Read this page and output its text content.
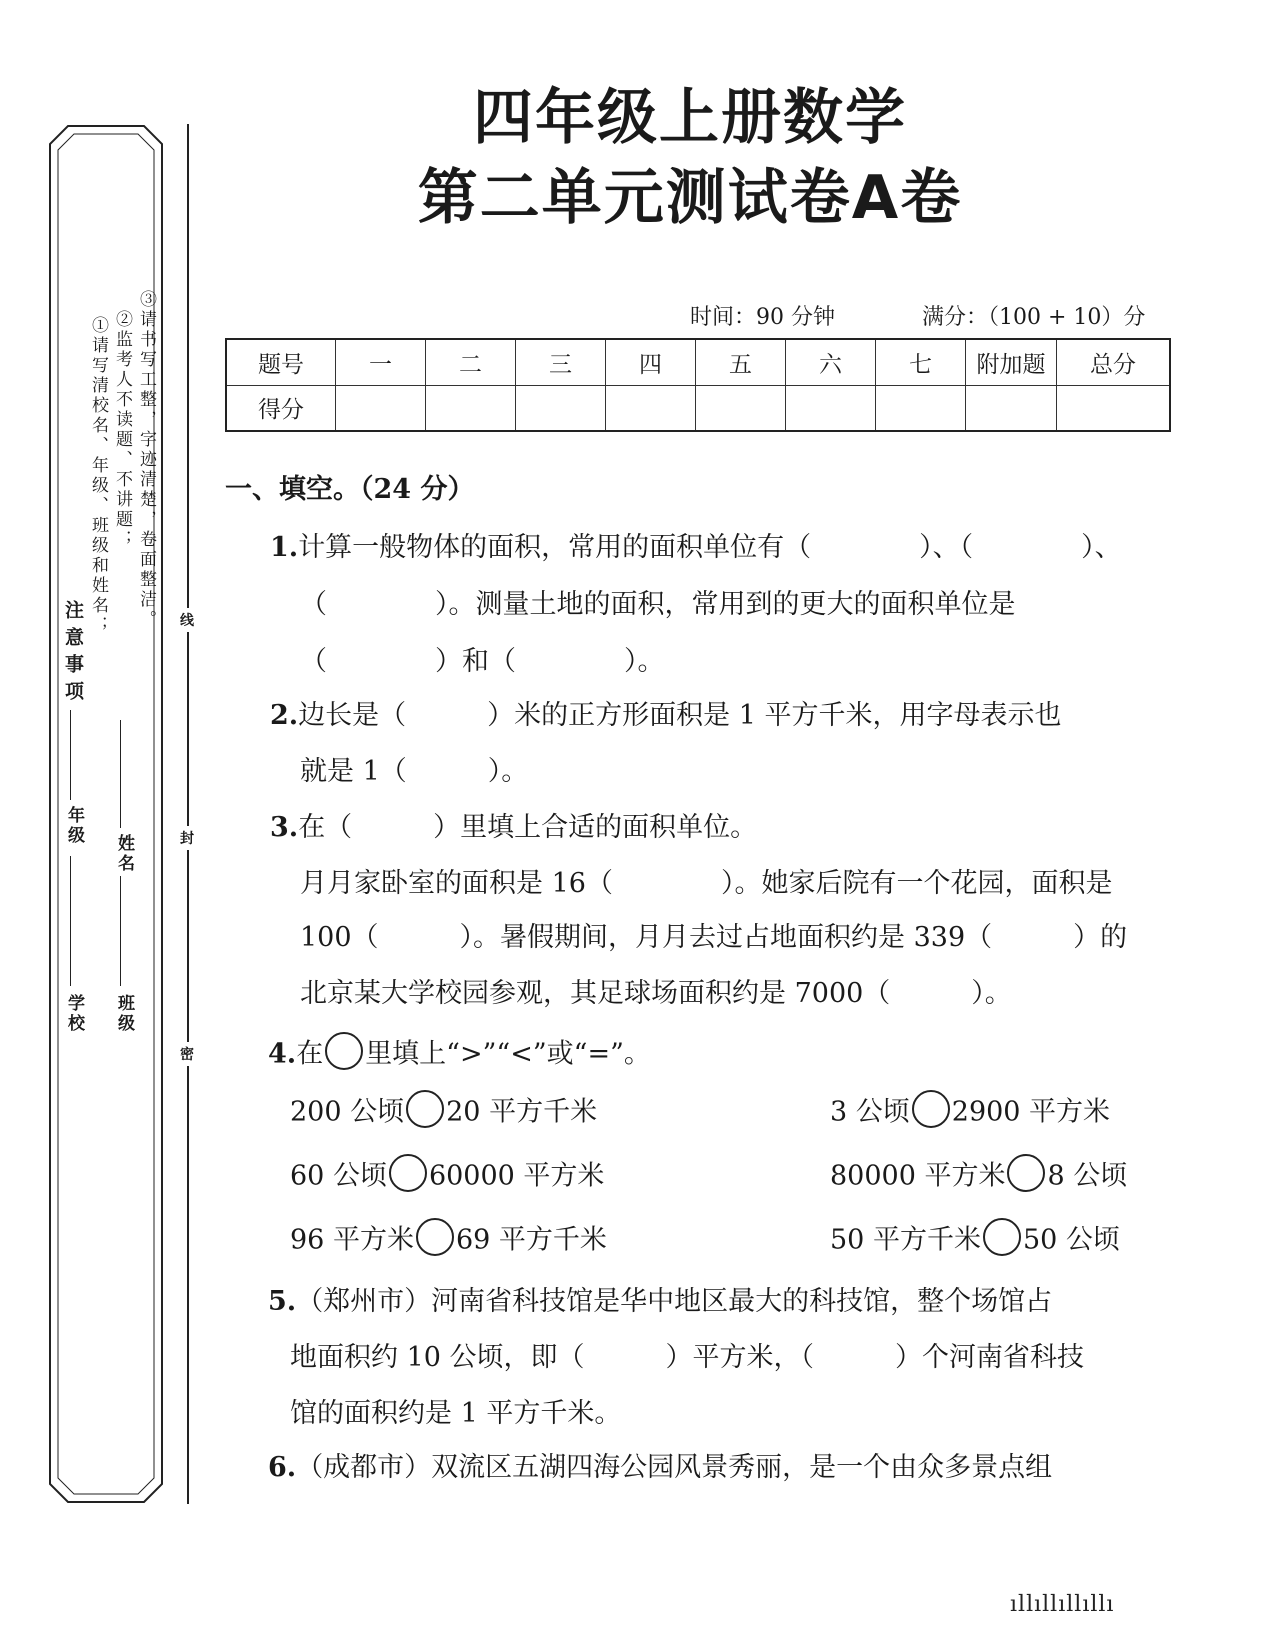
注意事项
①请写清校名、年级、班级和姓名； ②监考人不读题、不讲题； ③请书写工整，字迹清楚，卷面整洁。
学校
年级
班级
姓名
线
封
密
四年级上册数学
第二单元测试卷A卷
时间：90 分钟	满分：（100 + 10）分
题号	一	二	三	四	五	六	七	附加题	总分
得分									
一、填空。（24 分）
1.计算一般物体的面积，常用的面积单位有（　　　　）、（　　　　）、
（　　　　）。测量土地的面积，常用到的更大的面积单位是
（　　　　）和（　　　　）。
2.边长是（　　　）米的正方形面积是 1 平方千米，用字母表示也
就是 1（　　　）。
3.在（　　　）里填上合适的面积单位。
月月家卧室的面积是 16（　　　　）。她家后院有一个花园，面积是
100（　　　）。暑假期间，月月去过占地面积约是 339（　　　）的
北京某大学校园参观，其足球场面积约是 7000（　　　）。
4.在 里填上“>”“<”或“=”。
200 公顷 20 平方千米	3 公顷 2900 平方米
60 公顷 60000 平方米	80000 平方米 8 公顷
96 平方米 69 平方千米	50 平方千米 50 公顷
5.（郑州市）河南省科技馆是华中地区最大的科技馆，整个场馆占
地面积约 10 公顷，即（　　　）平方米，（　　　）个河南省科技
馆的面积约是 1 平方千米。
6.（成都市）双流区五湖四海公园风景秀丽，是一个由众多景点组
ıllıllıllıllı
